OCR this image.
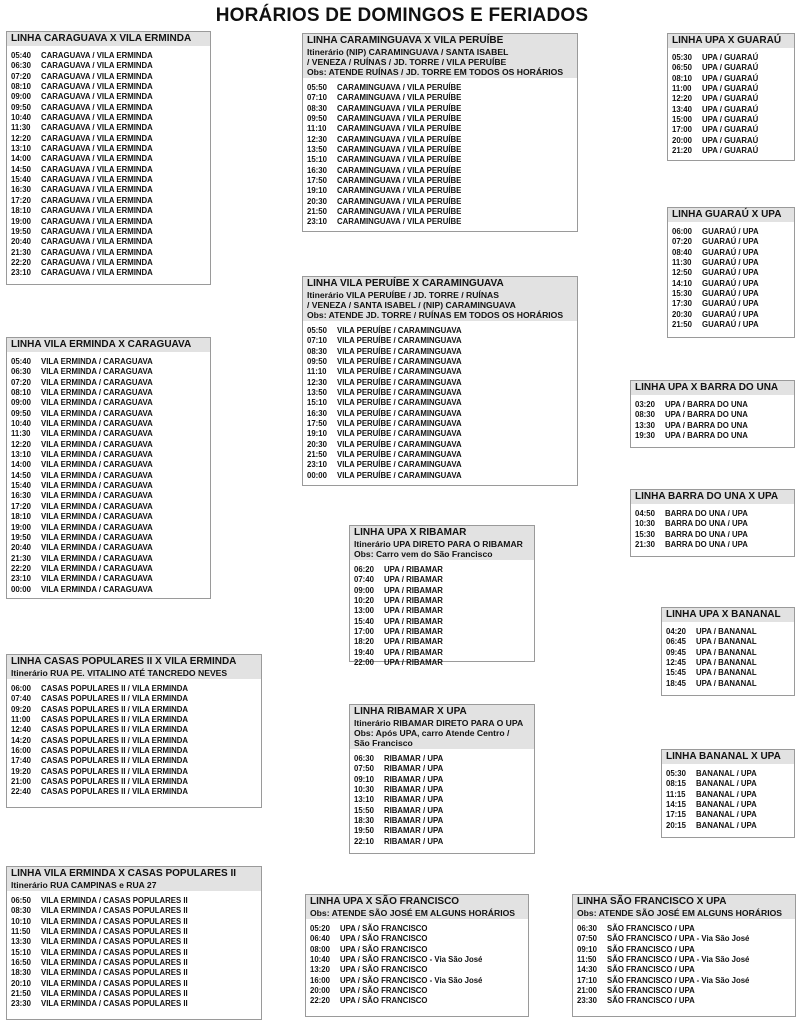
HORÁRIOS DE DOMINGOS E FERIADOS
LINHA CARAGUAVA X VILA ERMINDA
05:40	CARAGUAVA / VILA ERMINDA
06:30	CARAGUAVA / VILA ERMINDA
07:20	CARAGUAVA / VILA ERMINDA
08:10	CARAGUAVA / VILA ERMINDA
09:00	CARAGUAVA / VILA ERMINDA
09:50	CARAGUAVA / VILA ERMINDA
10:40	CARAGUAVA / VILA ERMINDA
11:30	CARAGUAVA / VILA ERMINDA
12:20	CARAGUAVA / VILA ERMINDA
13:10	CARAGUAVA / VILA ERMINDA
14:00	CARAGUAVA / VILA ERMINDA
14:50	CARAGUAVA / VILA ERMINDA
15:40	CARAGUAVA / VILA ERMINDA
16:30	CARAGUAVA / VILA ERMINDA
17:20	CARAGUAVA / VILA ERMINDA
18:10	CARAGUAVA / VILA ERMINDA
19:00	CARAGUAVA / VILA ERMINDA
19:50	CARAGUAVA / VILA ERMINDA
20:40	CARAGUAVA / VILA ERMINDA
21:30	CARAGUAVA / VILA ERMINDA
22:20	CARAGUAVA / VILA ERMINDA
23:10	CARAGUAVA / VILA ERMINDA
LINHA VILA ERMINDA X CARAGUAVA
05:40	VILA ERMINDA / CARAGUAVA
06:30	VILA ERMINDA / CARAGUAVA
07:20	VILA ERMINDA / CARAGUAVA
08:10	VILA ERMINDA / CARAGUAVA
09:00	VILA ERMINDA / CARAGUAVA
09:50	VILA ERMINDA / CARAGUAVA
10:40	VILA ERMINDA / CARAGUAVA
11:30	VILA ERMINDA / CARAGUAVA
12:20	VILA ERMINDA / CARAGUAVA
13:10	VILA ERMINDA / CARAGUAVA
14:00	VILA ERMINDA / CARAGUAVA
14:50	VILA ERMINDA / CARAGUAVA
15:40	VILA ERMINDA / CARAGUAVA
16:30	VILA ERMINDA / CARAGUAVA
17:20	VILA ERMINDA / CARAGUAVA
18:10	VILA ERMINDA / CARAGUAVA
19:00	VILA ERMINDA / CARAGUAVA
19:50	VILA ERMINDA / CARAGUAVA
20:40	VILA ERMINDA / CARAGUAVA
21:30	VILA ERMINDA / CARAGUAVA
22:20	VILA ERMINDA / CARAGUAVA
23:10	VILA ERMINDA / CARAGUAVA
00:00	VILA ERMINDA / CARAGUAVA
LINHA CASAS POPULARES II X VILA ERMINDA
Itinerário RUA PE. VITALINO ATÉ TANCREDO NEVES
06:00	CASAS POPULARES II / VILA ERMINDA
07:40	CASAS POPULARES II / VILA ERMINDA
09:20	CASAS POPULARES II / VILA ERMINDA
11:00	CASAS POPULARES II / VILA ERMINDA
12:40	CASAS POPULARES II / VILA ERMINDA
14:20	CASAS POPULARES II / VILA ERMINDA
16:00	CASAS POPULARES II / VILA ERMINDA
17:40	CASAS POPULARES II / VILA ERMINDA
19:20	CASAS POPULARES II / VILA ERMINDA
21:00	CASAS POPULARES II / VILA ERMINDA
22:40	CASAS POPULARES II / VILA ERMINDA
LINHA VILA ERMINDA X CASAS POPULARES II
Itinerário RUA CAMPINAS e RUA 27
06:50	VILA ERMINDA / CASAS POPULARES II
08:30	VILA ERMINDA / CASAS POPULARES II
10:10	VILA ERMINDA / CASAS POPULARES II
11:50	VILA ERMINDA / CASAS POPULARES II
13:30	VILA ERMINDA / CASAS POPULARES II
15:10	VILA ERMINDA / CASAS POPULARES II
16:50	VILA ERMINDA / CASAS POPULARES II
18:30	VILA ERMINDA / CASAS POPULARES II
20:10	VILA ERMINDA / CASAS POPULARES II
21:50	VILA ERMINDA / CASAS POPULARES II
23:30	VILA ERMINDA / CASAS POPULARES II
LINHA CARAMINGUAVA X VILA PERUÍBE
Itinerário (NIP) CARAMINGUAVA / SANTA ISABEL
/ VENEZA / RUÍNAS / JD. TORRE / VILA PERUÍBE
Obs: ATENDE RUÍNAS / JD. TORRE EM TODOS OS HORÁRIOS
05:50	CARAMINGUAVA / VILA PERUÍBE
07:10	CARAMINGUAVA / VILA PERUÍBE
08:30	CARAMINGUAVA / VILA PERUÍBE
09:50	CARAMINGUAVA / VILA PERUÍBE
11:10	CARAMINGUAVA / VILA PERUÍBE
12:30	CARAMINGUAVA / VILA PERUÍBE
13:50	CARAMINGUAVA / VILA PERUÍBE
15:10	CARAMINGUAVA / VILA PERUÍBE
16:30	CARAMINGUAVA / VILA PERUÍBE
17:50	CARAMINGUAVA / VILA PERUÍBE
19:10	CARAMINGUAVA / VILA PERUÍBE
20:30	CARAMINGUAVA / VILA PERUÍBE
21:50	CARAMINGUAVA / VILA PERUÍBE
23:10	CARAMINGUAVA / VILA PERUÍBE
LINHA VILA PERUÍBE X CARAMINGUAVA
Itinerário VILA PERUÍBE / JD. TORRE / RUÍNAS
/ VENEZA / SANTA ISABEL / (NIP) CARAMINGUAVA
Obs: ATENDE JD. TORRE / RUÍNAS EM TODOS OS HORÁRIOS
05:50	VILA PERUÍBE / CARAMINGUAVA
07:10	VILA PERUÍBE / CARAMINGUAVA
08:30	VILA PERUÍBE / CARAMINGUAVA
09:50	VILA PERUÍBE / CARAMINGUAVA
11:10	VILA PERUÍBE / CARAMINGUAVA
12:30	VILA PERUÍBE / CARAMINGUAVA
13:50	VILA PERUÍBE / CARAMINGUAVA
15:10	VILA PERUÍBE / CARAMINGUAVA
16:30	VILA PERUÍBE / CARAMINGUAVA
17:50	VILA PERUÍBE / CARAMINGUAVA
19:10	VILA PERUÍBE / CARAMINGUAVA
20:30	VILA PERUÍBE / CARAMINGUAVA
21:50	VILA PERUÍBE / CARAMINGUAVA
23:10	VILA PERUÍBE / CARAMINGUAVA
00:00	VILA PERUÍBE / CARAMINGUAVA
LINHA UPA X RIBAMAR
Itinerário UPA DIRETO PARA O RIBAMAR
Obs: Carro vem do São Francisco
06:20	UPA / RIBAMAR
07:40	UPA / RIBAMAR
09:00	UPA / RIBAMAR
10:20	UPA / RIBAMAR
13:00	UPA / RIBAMAR
15:40	UPA / RIBAMAR
17:00	UPA / RIBAMAR
18:20	UPA / RIBAMAR
19:40	UPA / RIBAMAR
22:00	UPA / RIBAMAR
LINHA RIBAMAR X UPA
Itinerário RIBAMAR DIRETO PARA O UPA
Obs: Após UPA, carro Atende Centro /
São Francisco
06:30	RIBAMAR / UPA
07:50	RIBAMAR / UPA
09:10	RIBAMAR / UPA
10:30	RIBAMAR / UPA
13:10	RIBAMAR / UPA
15:50	RIBAMAR / UPA
18:30	RIBAMAR / UPA
19:50	RIBAMAR / UPA
22:10	RIBAMAR / UPA
LINHA UPA X SÃO FRANCISCO
Obs: ATENDE SÃO JOSÉ EM ALGUNS HORÁRIOS
05:20	UPA / SÃO FRANCISCO
06:40	UPA / SÃO FRANCISCO
08:00	UPA / SÃO FRANCISCO
10:40	UPA / SÃO FRANCISCO - Via São José
13:20	UPA / SÃO FRANCISCO
16:00	UPA / SÃO FRANCISCO - Via São José
20:00	UPA / SÃO FRANCISCO
22:20	UPA / SÃO FRANCISCO
LINHA SÃO FRANCISCO X UPA
Obs: ATENDE SÃO JOSÉ EM ALGUNS HORÁRIOS
06:30	SÃO FRANCISCO / UPA
07:50	SÃO FRANCISCO / UPA - Via São José
09:10	SÃO FRANCISCO / UPA
11:50	SÃO FRANCISCO / UPA - Via São José
14:30	SÃO FRANCISCO / UPA
17:10	SÃO FRANCISCO / UPA - Via São José
21:00	SÃO FRANCISCO / UPA
23:30	SÃO FRANCISCO / UPA
LINHA UPA X GUARAÚ
05:30	UPA / GUARAÚ
06:50	UPA / GUARAÚ
08:10	UPA / GUARAÚ
11:00	UPA / GUARAÚ
12:20	UPA / GUARAÚ
13:40	UPA / GUARAÚ
15:00	UPA / GUARAÚ
17:00	UPA / GUARAÚ
20:00	UPA / GUARAÚ
21:20	UPA / GUARAÚ
LINHA GUARAÚ X UPA
06:00	GUARAÚ / UPA
07:20	GUARAÚ / UPA
08:40	GUARAÚ / UPA
11:30	GUARAÚ / UPA
12:50	GUARAÚ / UPA
14:10	GUARAÚ / UPA
15:30	GUARAÚ / UPA
17:30	GUARAÚ / UPA
20:30	GUARAÚ / UPA
21:50	GUARAÚ / UPA
LINHA UPA X BARRA DO UNA
03:20	UPA / BARRA DO UNA
08:30	UPA / BARRA DO UNA
13:30	UPA / BARRA DO UNA
19:30	UPA / BARRA DO UNA
LINHA BARRA DO UNA X UPA
04:50	BARRA DO UNA / UPA
10:30	BARRA DO UNA / UPA
15:30	BARRA DO UNA / UPA
21:30	BARRA DO UNA / UPA
LINHA UPA X BANANAL
04:20	UPA / BANANAL
06:45	UPA / BANANAL
09:45	UPA / BANANAL
12:45	UPA / BANANAL
15:45	UPA / BANANAL
18:45	UPA / BANANAL
LINHA BANANAL X UPA
05:30	BANANAL / UPA
08:15	BANANAL / UPA
11:15	BANANAL / UPA
14:15	BANANAL / UPA
17:15	BANANAL / UPA
20:15	BANANAL / UPA
